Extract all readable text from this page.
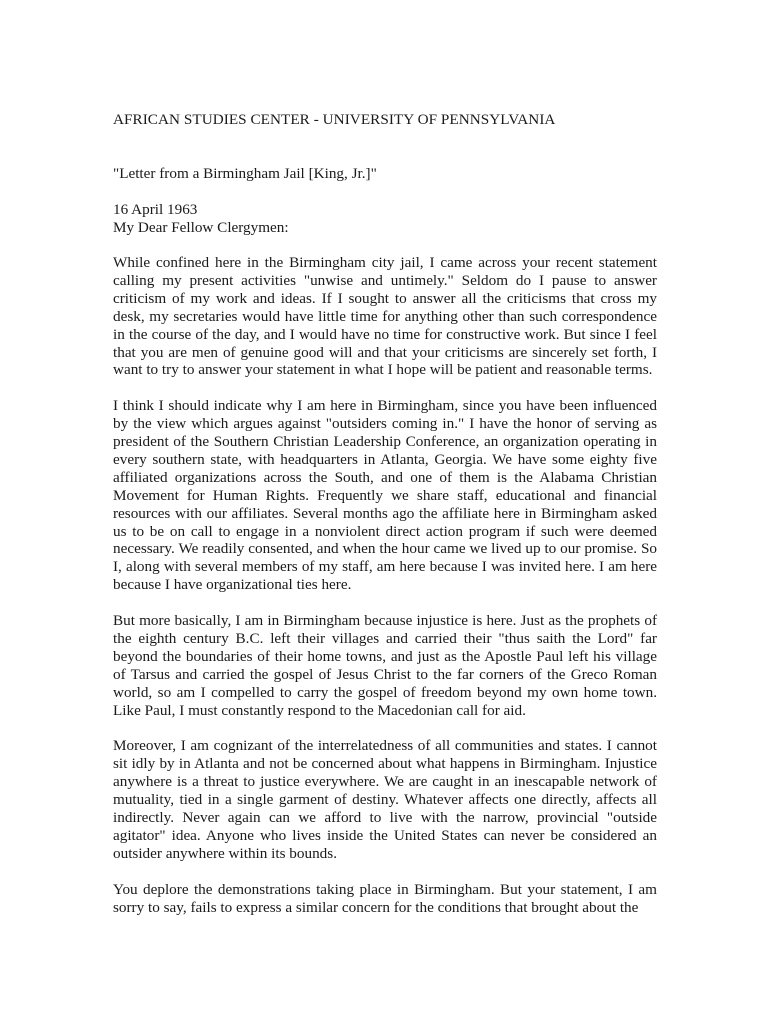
AFRICAN STUDIES CENTER - UNIVERSITY OF PENNSYLVANIA

"Letter from a Birmingham Jail [King, Jr.]"

16 April 1963

My Dear Fellow Clergymen:

While confined here in the Birmingham city jail, I came across your recent statement calling my present activities "unwise and untimely." Seldom do I pause to answer criticism of my work and ideas. If I sought to answer all the criticisms that cross my desk, my secretaries would have little time for anything other than such correspondence in the course of the day, and I would have no time for constructive work. But since I feel that you are men of genuine good will and that your criticisms are sincerely set forth, I want to try to answer your statement in what I hope will be patient and reasonable terms.

I think I should indicate why I am here in Birmingham, since you have been influenced by the view which argues against "outsiders coming in." I have the honor of serving as president of the Southern Christian Leadership Conference, an organization operating in every southern state, with headquarters in Atlanta, Georgia. We have some eighty five affiliated organizations across the South, and one of them is the Alabama Christian Movement for Human Rights. Frequently we share staff, educational and financial resources with our affiliates. Several months ago the affiliate here in Birmingham asked us to be on call to engage in a nonviolent direct action program if such were deemed necessary. We readily consented, and when the hour came we lived up to our promise. So I, along with several members of my staff, am here because I was invited here. I am here because I have organizational ties here.

But more basically, I am in Birmingham because injustice is here. Just as the prophets of the eighth century B.C. left their villages and carried their "thus saith the Lord" far beyond the boundaries of their home towns, and just as the Apostle Paul left his village of Tarsus and carried the gospel of Jesus Christ to the far corners of the Greco Roman world, so am I compelled to carry the gospel of freedom beyond my own home town. Like Paul, I must constantly respond to the Macedonian call for aid.

Moreover, I am cognizant of the interrelatedness of all communities and states. I cannot sit idly by in Atlanta and not be concerned about what happens in Birmingham. Injustice anywhere is a threat to justice everywhere. We are caught in an inescapable network of mutuality, tied in a single garment of destiny. Whatever affects one directly, affects all indirectly. Never again can we afford to live with the narrow, provincial "outside agitator" idea. Anyone who lives inside the United States can never be considered an outsider anywhere within its bounds.

You deplore the demonstrations taking place in Birmingham. But your statement, I am sorry to say, fails to express a similar concern for the conditions that brought about the
